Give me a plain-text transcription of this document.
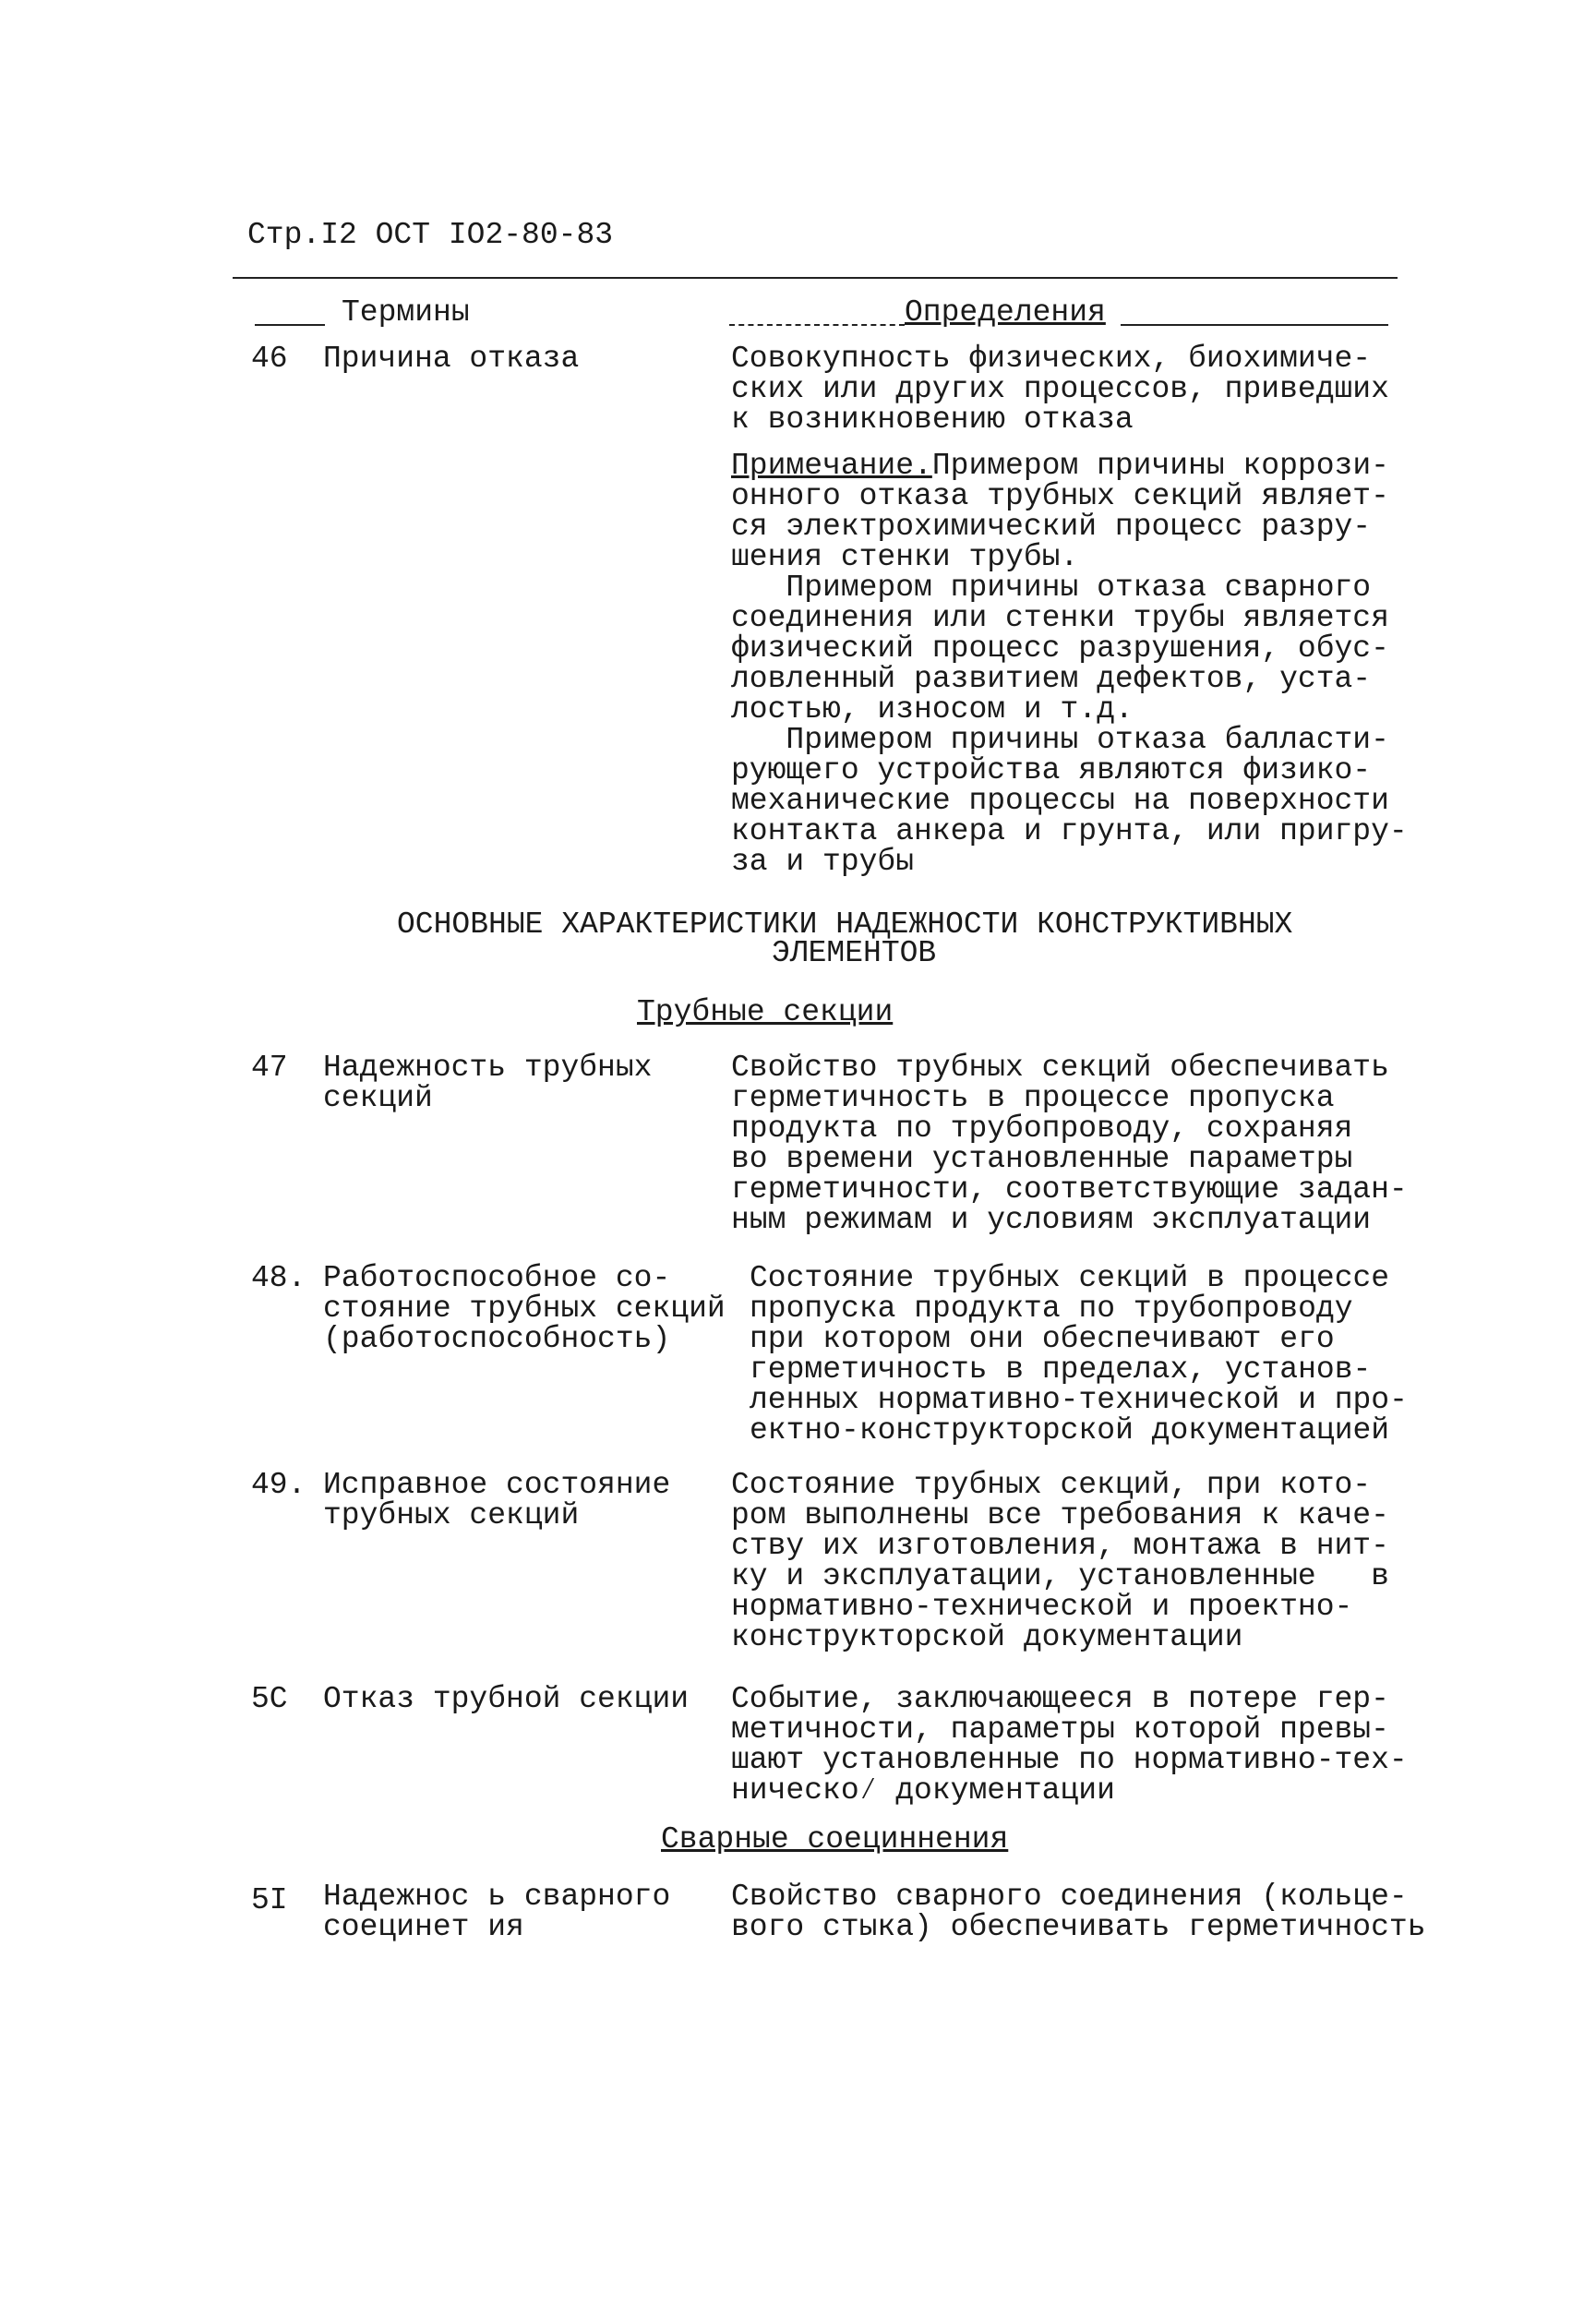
Стр.I2 ОСТ IO2-80-83
Термины	Определения
46 Причина отказа	Совокупность физических, биохимиче-
ских или других процессов, приведших
к возникновению отказа
Примечание.Примером причины коррози-
онного отказа трубных секций являет-
ся электрохимический процесс разру-
шения стенки трубы.
Примером причины отказа сварного
соединения или стенки трубы является
физический процесс разрушения, обус-
ловленный развитием дефектов, уста-
лостью, износом и т.д.
Примером причины отказа балласти-
рующего устройства являются физико-
механические процессы на поверхности
контакта анкера и грунта, или пригру-
за и трубы
ОСНОВНЫЕ ХАРАКТЕРИСТИКИ НАДЕЖНОСТИ КОНСТРУКТИВНЫХ
ЭЛЕМЕНТОВ
Трубные секции
47 Надежность трубных
секций
Свойство трубных секций обеспечивать
герметичность в процессе пропуска
продукта по трубопроводу, сохраняя
во времени установленные параметры
герметичности, соответствующие задан-
ным режимам и условиям эксплуатации
48. Работоспособное со-
стояние трубных секций
(работоспособность)
Состояние трубных секций в процессе
пропуска продукта по трубопроводу
при котором они обеспечивают его
герметичность в пределах, установ-
ленных нормативно-технической и про-
ектно-конструкторской документацией
49. Исправное состояние
трубных секций
Состояние трубных секций, при кото-
ром выполнены все требования к каче-
ству их изготовления, монтажа в нит-
ку и эксплуатации, установленные   в
нормативно-технической и проектно-
конструкторской документации
5С Отказ трубной секции Событие, заключающееся в потере гер-
метичности, параметры которой превы-
шают установленные по нормативно-тех-
ническо⁄ документации
Сварные соециннения
5I Надежнос ь сварного
соецинет ия
Свойство сварного соединения (кольце-
вого стыка) обеспечивать герметичность
